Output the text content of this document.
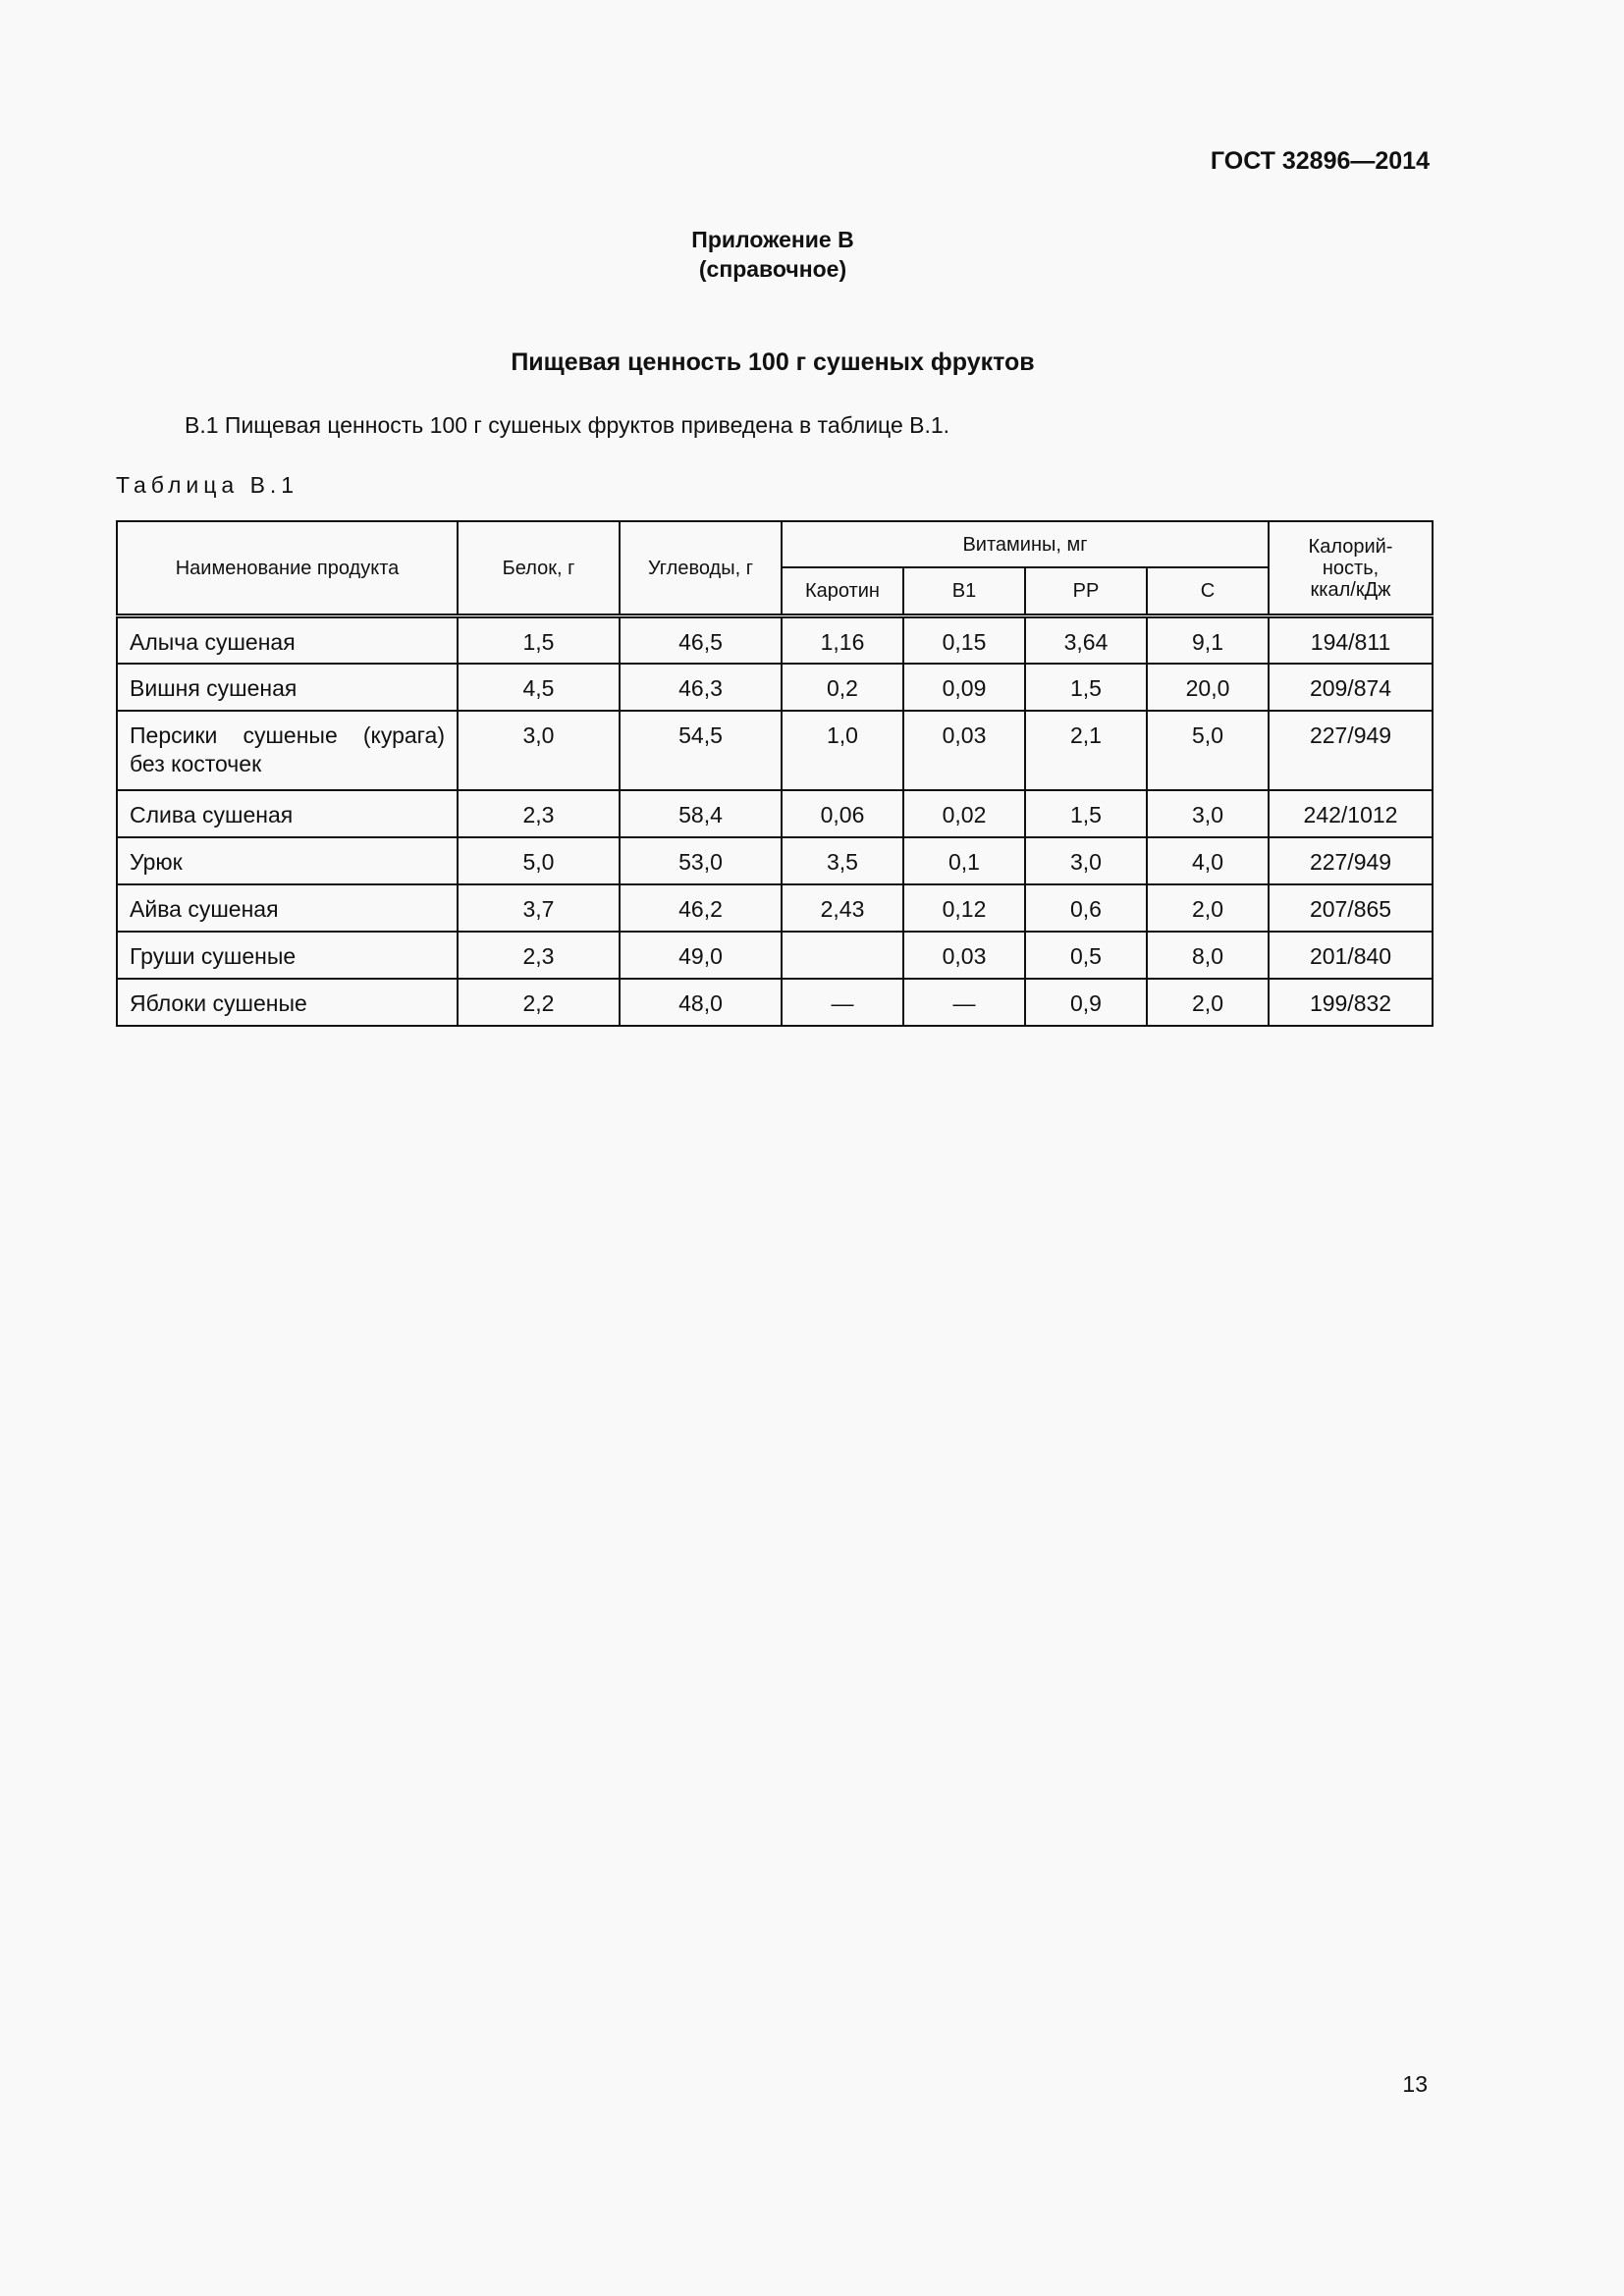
ГОСТ 32896—2014
Приложение В
(справочное)
Пищевая ценность 100 г сушеных фруктов
В.1 Пищевая ценность 100 г сушеных фруктов приведена в таблице В.1.
Таблица В.1
Наименование продукта	Белок, г	Углеводы, г	Витамины, мг				Калорий-
ность,
ккал/кДж

			Каротин	В1	РР	С	
Алыча сушеная	1,5	46,5	1,16	0,15	3,64	9,1	194/811
Вишня сушеная	4,5	46,3	0,2	0,09	1,5	20,0	209/874
Персики сушеные (курага) без косточек	3,0	54,5	1,0	0,03	2,1	5,0	227/949
Слива сушеная	2,3	58,4	0,06	0,02	1,5	3,0	242/1012
Урюк	5,0	53,0	3,5	0,1	3,0	4,0	227/949
Айва сушеная	3,7	46,2	2,43	0,12	0,6	2,0	207/865
Груши сушеные	2,3	49,0		0,03	0,5	8,0	201/840
Яблоки сушеные	2,2	48,0	—	—	0,9	2,0	199/832
13
